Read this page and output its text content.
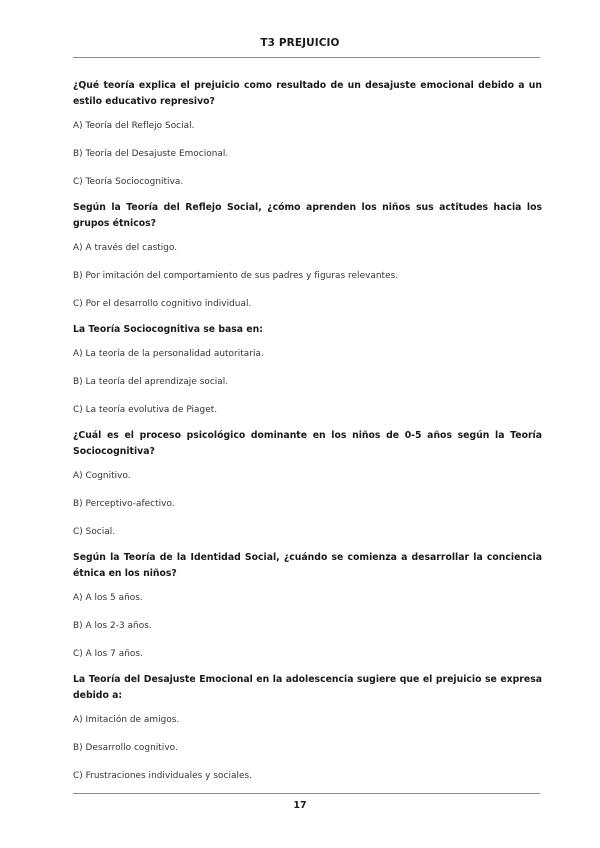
T3 PREJUICIO

¿Qué teoría explica el prejuicio como resultado de un desajuste emocional debido a un estilo educativo represivo?

A) Teoría del Reflejo Social.

B) Teoría del Desajuste Emocional.

C) Teoría Sociocognitiva.

Según la Teoría del Reflejo Social, ¿cómo aprenden los niños sus actitudes hacia los grupos étnicos?

A) A través del castigo.

B) Por imitación del comportamiento de sus padres y figuras relevantes.

C) Por el desarrollo cognitivo individual.

La Teoría Sociocognitiva se basa en:

A) La teoría de la personalidad autoritaria.

B) La teoría del aprendizaje social.

C) La teoría evolutiva de Piaget.

¿Cuál es el proceso psicológico dominante en los niños de 0-5 años según la Teoría Sociocognitiva?

A) Cognitivo.

B) Perceptivo-afectivo.

C) Social.

Según la Teoría de la Identidad Social, ¿cuándo se comienza a desarrollar la conciencia étnica en los niños?

A) A los 5 años.

B) A los 2-3 años.

C) A los 7 años.

La Teoría del Desajuste Emocional en la adolescencia sugiere que el prejuicio se expresa debido a:

A) Imitación de amigos.

B) Desarrollo cognitivo.

C) Frustraciones individuales y sociales.

17
